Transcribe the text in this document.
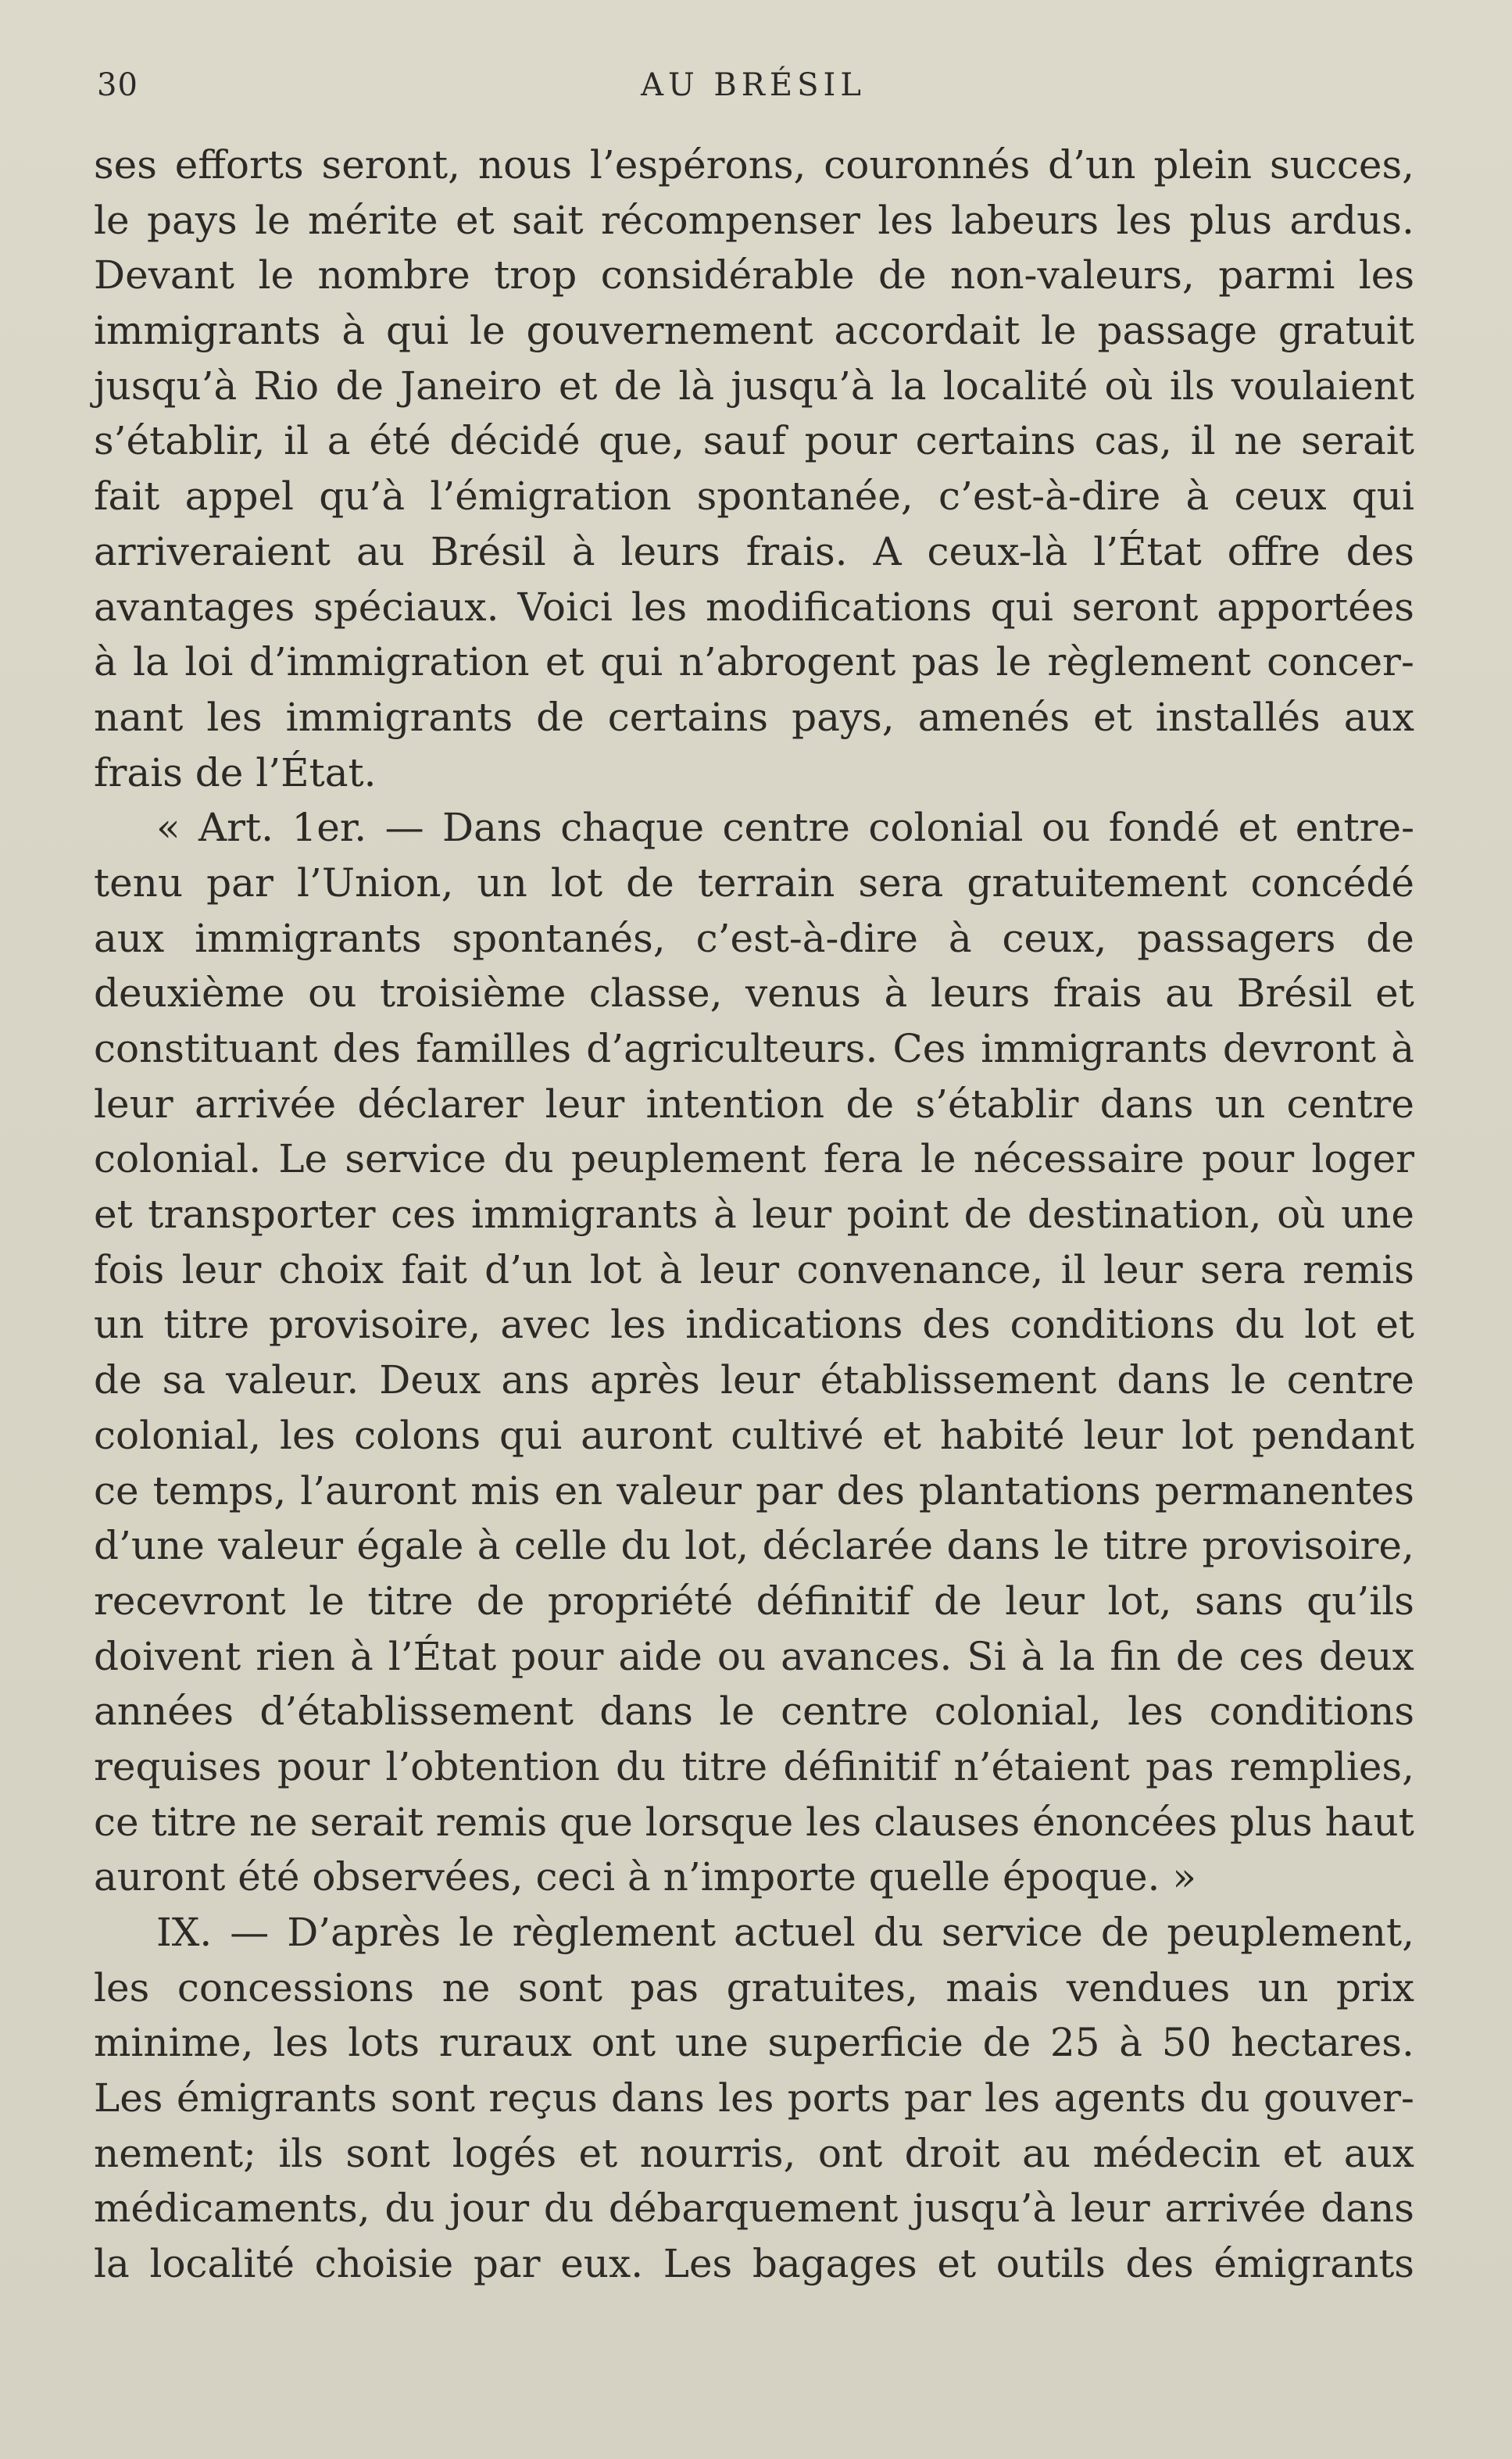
30	AU BRÉSIL
ses efforts seront, nous l’espérons, couronnés d’un plein succes,
le pays le mérite et sait récompenser les labeurs les plus ardus.
Devant le nombre trop considérable de non-valeurs, parmi les
immigrants à qui le gouvernement accordait le passage gratuit
jusqu’à Rio de Janeiro et de là jusqu’à la localité où ils voulaient
s’établir, il a été décidé que, sauf pour certains cas, il ne serait
fait appel qu’à l’émigration spontanée, c’est-à-dire à ceux qui
arriveraient au Brésil à leurs frais. A ceux-là l’État offre des
avantages spéciaux. Voici les modifications qui seront apportées
à la loi d’immigration et qui n’abrogent pas le règlement concer-
nant les immigrants de certains pays, amenés et installés aux
frais de l’État.
« Art. 1er. — Dans chaque centre colonial ou fondé et entre-
tenu par l’Union, un lot de terrain sera gratuitement concédé
aux immigrants spontanés, c’est-à-dire à ceux, passagers de
deuxième ou troisième classe, venus à leurs frais au Brésil et
constituant des familles d’agriculteurs. Ces immigrants devront à
leur arrivée déclarer leur intention de s’établir dans un centre
colonial. Le service du peuplement fera le nécessaire pour loger
et transporter ces immigrants à leur point de destination, où une
fois leur choix fait d’un lot à leur convenance, il leur sera remis
un titre provisoire, avec les indications des conditions du lot et
de sa valeur. Deux ans après leur établissement dans le centre
colonial, les colons qui auront cultivé et habité leur lot pendant
ce temps, l’auront mis en valeur par des plantations permanentes
d’une valeur égale à celle du lot, déclarée dans le titre provisoire,
recevront le titre de propriété définitif de leur lot, sans qu’ils
doivent rien à l’État pour aide ou avances. Si à la fin de ces deux
années d’établissement dans le centre colonial, les conditions
requises pour l’obtention du titre définitif n’étaient pas remplies,
ce titre ne serait remis que lorsque les clauses énoncées plus haut
auront été observées, ceci à n’importe quelle époque. »
IX. — D’après le règlement actuel du service de peuplement,
les concessions ne sont pas gratuites, mais vendues un prix
minime, les lots ruraux ont une superficie de 25 à 50 hectares.
Les émigrants sont reçus dans les ports par les agents du gouver-
nement; ils sont logés et nourris, ont droit au médecin et aux
médicaments, du jour du débarquement jusqu’à leur arrivée dans
la localité choisie par eux. Les bagages et outils des émigrants
